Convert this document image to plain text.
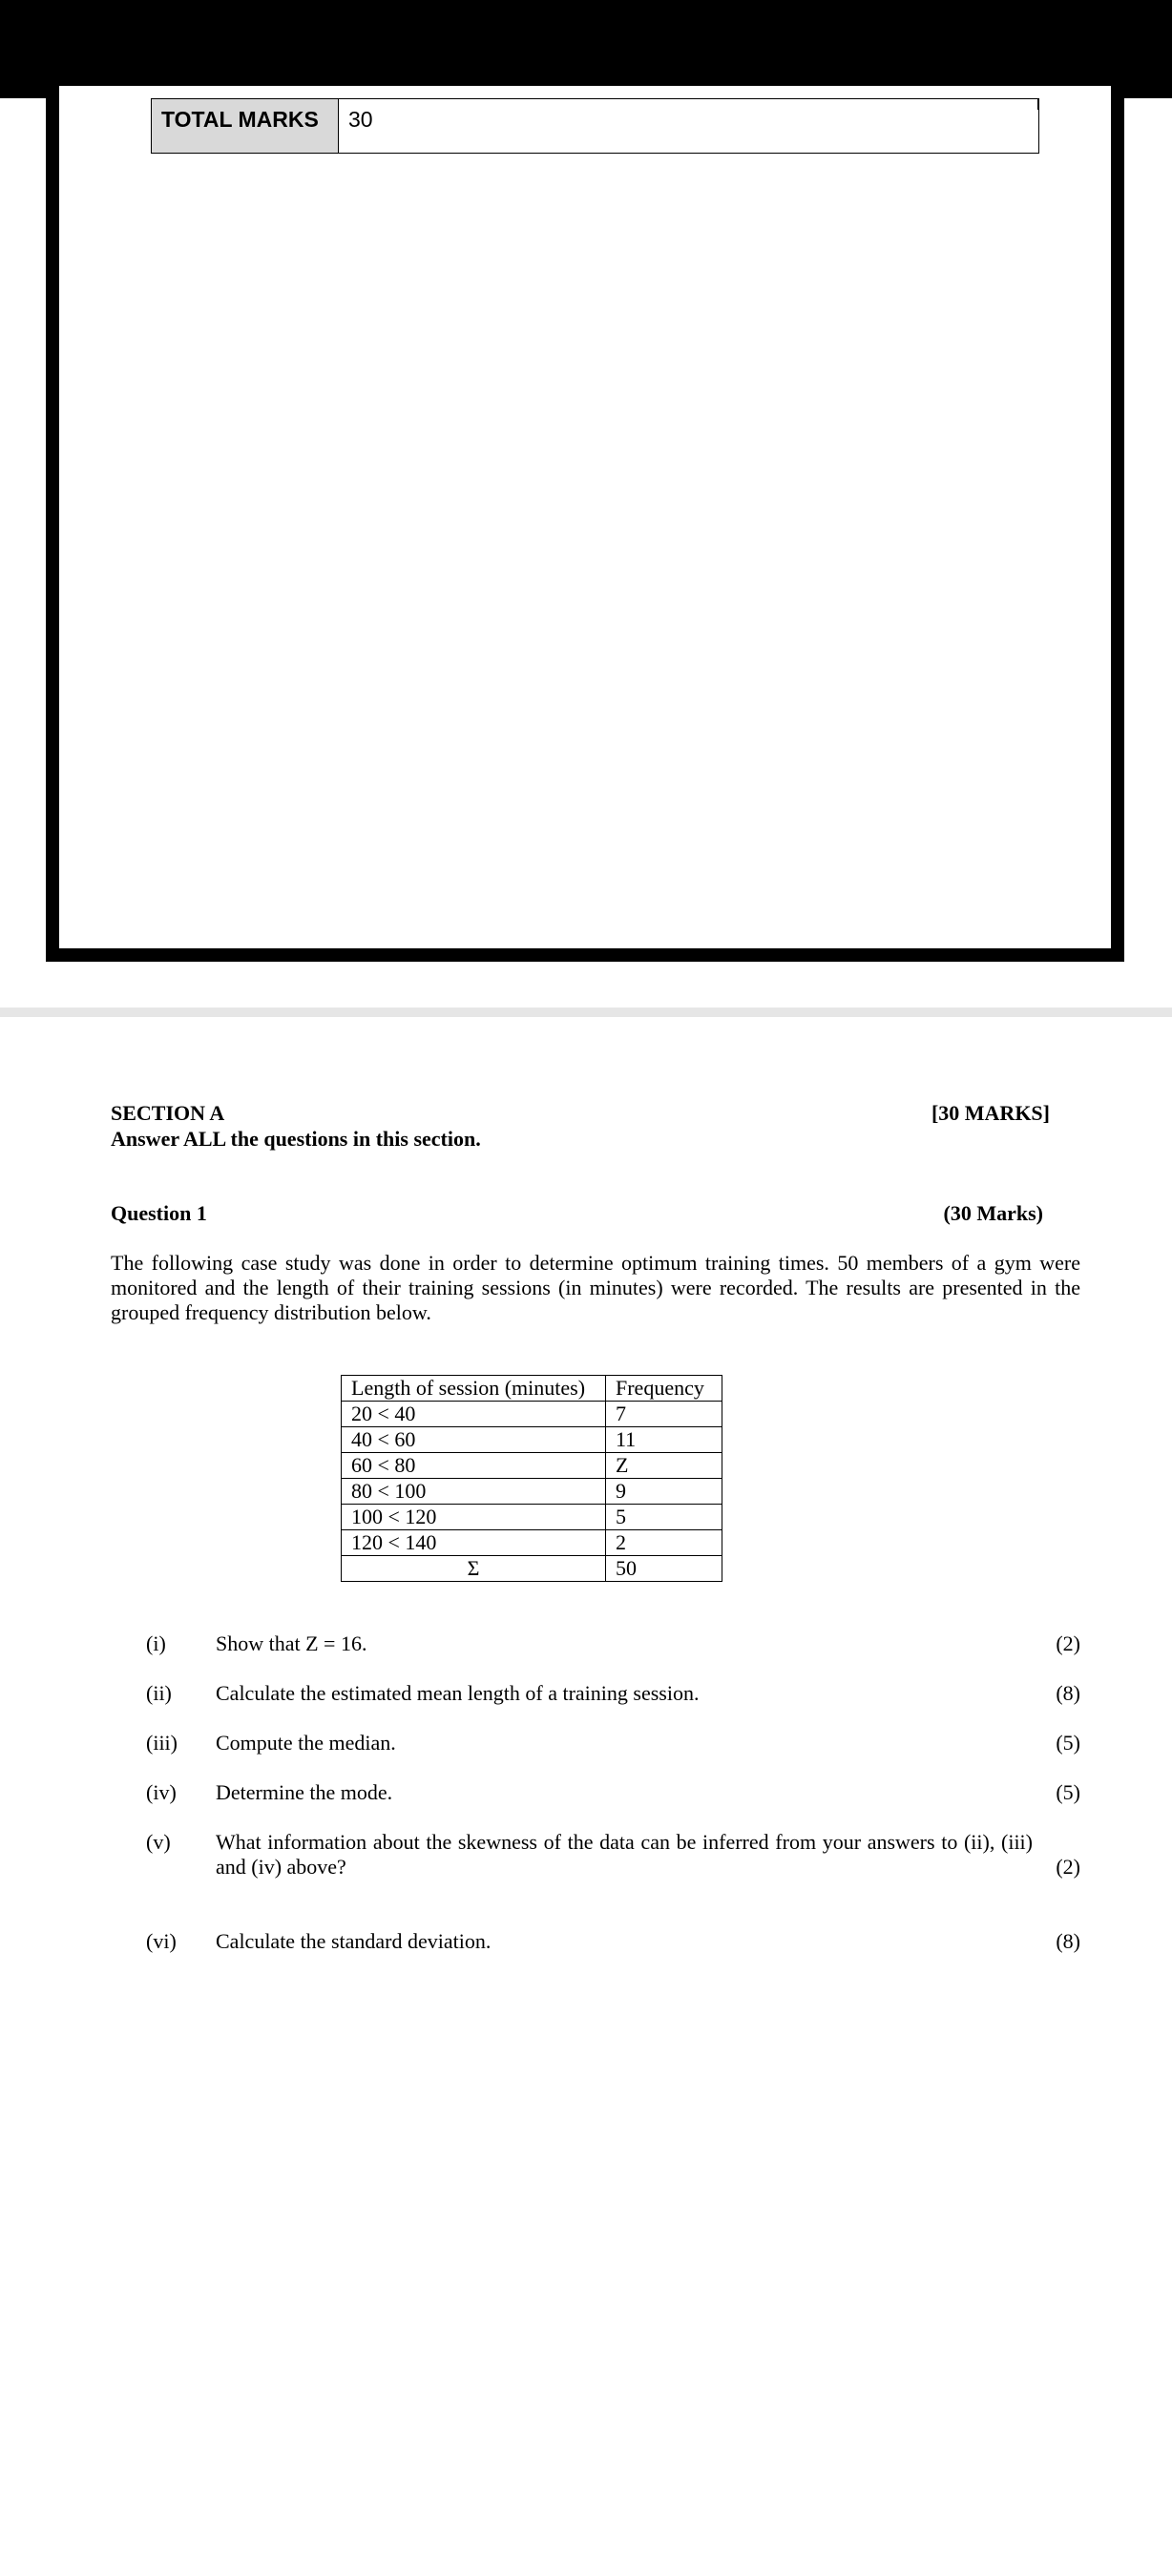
TOTAL MARKS	30
SECTION A	[30 MARKS]
Answer ALL the questions in this section.
Question 1	(30 Marks)

The following case study was done in order to determine optimum training times. 50 members of a gym were monitored and the length of their training sessions (in minutes) were recorded. The results are presented in the grouped frequency distribution below.

Length of session (minutes)	Frequency
20 < 40	7
40 < 60	11
60 < 80	Z
80 < 100	9
100 < 120	5
120 < 140	2
Σ	50
(i)	Show that Z = 16.	(2)
(ii)	Calculate the estimated mean length of a training session.	(8)
(iii)	Compute the median.	(5)
(iv)	Determine the mode.	(5)
(v)	What information about the skewness of the data can be inferred from your answers to (ii), (iii) and (iv) above?	(2)
(vi)	Calculate the standard deviation.	(8)
